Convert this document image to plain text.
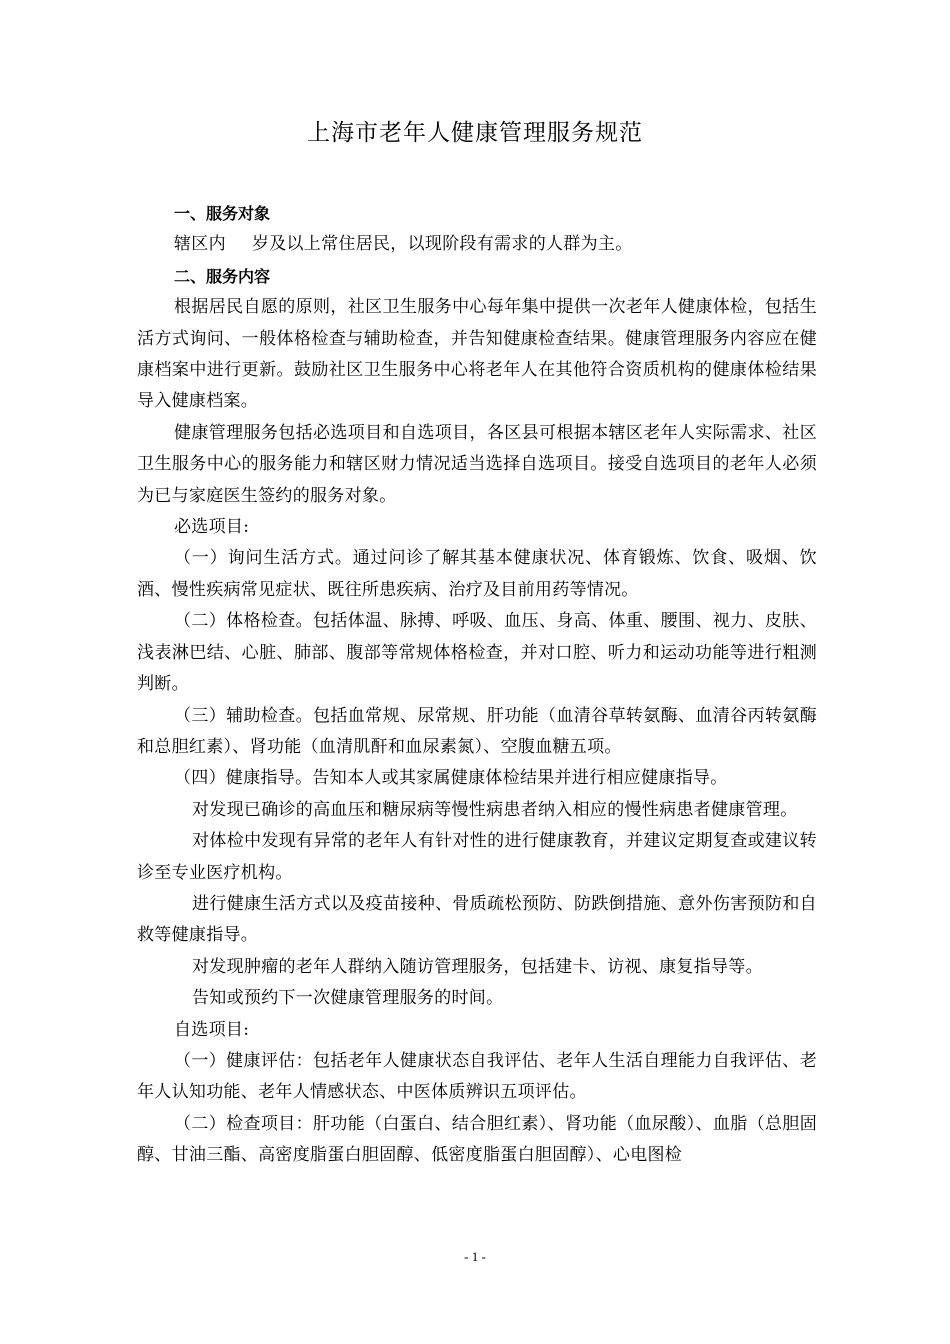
上海市老年人健康管理服务规范

一、服务对象

辖区内 岁及以上常住居民，以现阶段有需求的人群为主。

二、服务内容

根据居民自愿的原则，社区卫生服务中心每年集中提供一次老年人健康体检，包括生活方式询问、一般体格检查与辅助检查，并告知健康检查结果。健康管理服务内容应在健康档案中进行更新。鼓励社区卫生服务中心将老年人在其他符合资质机构的健康体检结果导入健康档案。

健康管理服务包括必选项目和自选项目，各区县可根据本辖区老年人实际需求、社区卫生服务中心的服务能力和辖区财力情况适当选择自选项目。接受自选项目的老年人必须为已与家庭医生签约的服务对象。

必选项目:

（一）询问生活方式。通过问诊了解其基本健康状况、体育锻炼、饮食、吸烟、饮酒、慢性疾病常见症状、既往所患疾病、治疗及目前用药等情况。

（二）体格检查。包括体温、脉搏、呼吸、血压、身高、体重、腰围、视力、皮肤、浅表淋巴结、心脏、肺部、腹部等常规体格检查，并对口腔、听力和运动功能等进行粗测判断。

（三）辅助检查。包括血常规、尿常规、肝功能（血清谷草转氨酶、血清谷丙转氨酶和总胆红素）、肾功能（血清肌酐和血尿素氮）、空腹血糖五项。

（四）健康指导。告知本人或其家属健康体检结果并进行相应健康指导。

对发现已确诊的高血压和糖尿病等慢性病患者纳入相应的慢性病患者健康管理。

对体检中发现有异常的老年人有针对性的进行健康教育，并建议定期复查或建议转诊至专业医疗机构。

进行健康生活方式以及疫苗接种、骨质疏松预防、防跌倒措施、意外伤害预防和自救等健康指导。

对发现肿瘤的老年人群纳入随访管理服务，包括建卡、访视、康复指导等。

告知或预约下一次健康管理服务的时间。

自选项目:

（一）健康评估：包括老年人健康状态自我评估、老年人生活自理能力自我评估、老年人认知功能、老年人情感状态、中医体质辨识五项评估。

（二）检查项目：肝功能（白蛋白、结合胆红素）、肾功能（血尿酸）、血脂（总胆固醇、甘油三酯、高密度脂蛋白胆固醇、低密度脂蛋白胆固醇）、心电图检

- 1 -
